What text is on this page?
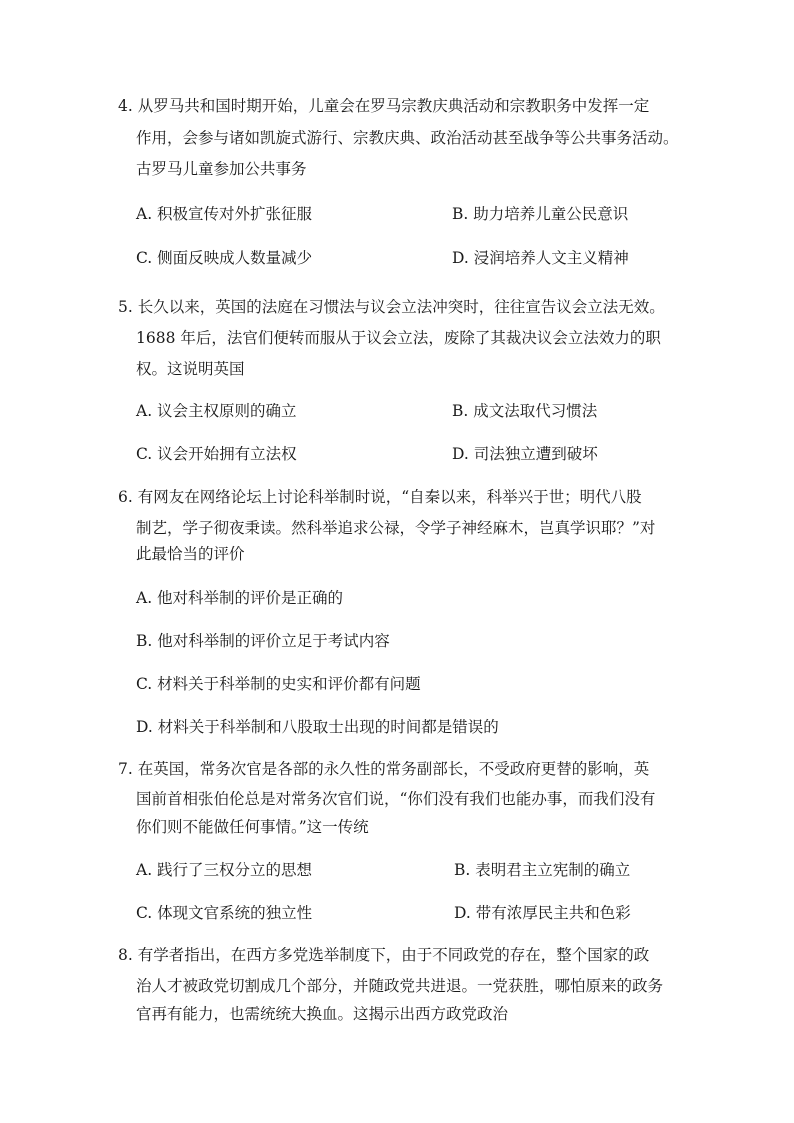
4. 从罗马共和国时期开始，儿童会在罗马宗教庆典活动和宗教职务中发挥一定
作用，会参与诸如凯旋式游行、宗教庆典、政治活动甚至战争等公共事务活动。
古罗马儿童参加公共事务
A. 积极宣传对外扩张征服	B. 助力培养儿童公民意识
C. 侧面反映成人数量减少	D. 浸润培养人文主义精神
5. 长久以来，英国的法庭在习惯法与议会立法冲突时，往往宣告议会立法无效。
1688 年后，法官们便转而服从于议会立法，废除了其裁决议会立法效力的职
权。这说明英国
A. 议会主权原则的确立	B. 成文法取代习惯法
C. 议会开始拥有立法权	D. 司法独立遭到破坏
6. 有网友在网络论坛上讨论科举制时说，“自秦以来，科举兴于世；明代八股
制艺，学子彻夜秉读。然科举追求公禄，令学子神经麻木，岂真学识耶？”对
此最恰当的评价
A. 他对科举制的评价是正确的
B. 他对科举制的评价立足于考试内容
C. 材料关于科举制的史实和评价都有问题
D. 材料关于科举制和八股取士出现的时间都是错误的
7. 在英国，常务次官是各部的永久性的常务副部长，不受政府更替的影响，英
国前首相张伯伦总是对常务次官们说，“你们没有我们也能办事，而我们没有
你们则不能做任何事情。”这一传统
A. 践行了三权分立的思想	B. 表明君主立宪制的确立
C. 体现文官系统的独立性	D. 带有浓厚民主共和色彩
8. 有学者指出，在西方多党选举制度下，由于不同政党的存在，整个国家的政
治人才被政党切割成几个部分，并随政党共进退。一党获胜，哪怕原来的政务
官再有能力，也需统统大换血。这揭示出西方政党政治
